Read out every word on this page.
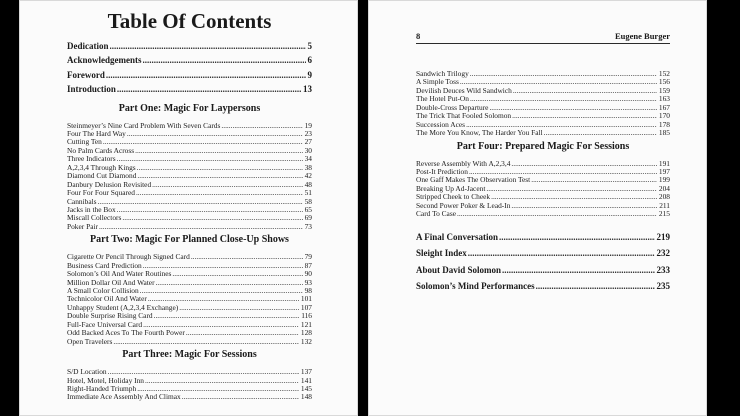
Table Of Contents
Dedication .....	5
Acknowledgements .....	6
Foreword .....	9
Introduction .....	13
Part One: Magic For Laypersons
Steinmeyer’s Nine Card Problem With Seven Cards .....	19
Four The Hard Way .....	23
Cutting Ten .....	27
No Palm Cards Across .....	30
Three Indicators .....	34
A,2,3,4 Through Kings .....	38
Diamond Cut Diamond .....	42
Danbury Delusion Revisited .....	48
Four For Four Squared .....	51
Cannibals .....	58
Jacks in the Box .....	65
Miscall Collectors .....	69
Poker Pair .....	73
Part Two: Magic For Planned Close-Up Shows
Cigarette Or Pencil Through Signed Card .....	79
Business Card Prediction .....	87
Solomon’s Oil And Water Routines .....	90
Million Dollar Oil And Water .....	93
A Small Color Collision .....	98
Technicolor Oil And Water .....	101
Unhappy Student (A,2,3,4 Exchange) .....	107
Double Surprise Rising Card .....	116
Full-Face Universal Card .....	121
Odd Backed Aces To The Fourth Power .....	128
Open Travelers .....	132
Part Three: Magic For Sessions
S/D Location .....	137
Hotel, Motel, Holiday Inn .....	141
Right-Handed Triumph .....	145
Immediate Ace Assembly And Climax .....	148
8	Eugene Burger
Sandwich Trilogy .....	152
A Simple Toss .....	156
Devilish Deuces Wild Sandwich .....	159
The Hotel Put-On .....	163
Double-Cross Departure .....	167
The Trick That Fooled Solomon .....	170
Succession Aces .....	178
The More You Know, The Harder You Fall .....	185
Part Four: Prepared Magic For Sessions
Reverse Assembly With A,2,3,4 .....	191
Post-It Prediction .....	197
One Gaff Makes The Observation Test .....	199
Breaking Up Ad-Jacent .....	204
Stripped Cheek to Cheek .....	208
Second Power Poker & Lead-In .....	211
Card To Case .....	215
A Final Conversation .....	219
Sleight Index .....	232
About David Solomon .....	233
Solomon’s Mind Performances .....	235
